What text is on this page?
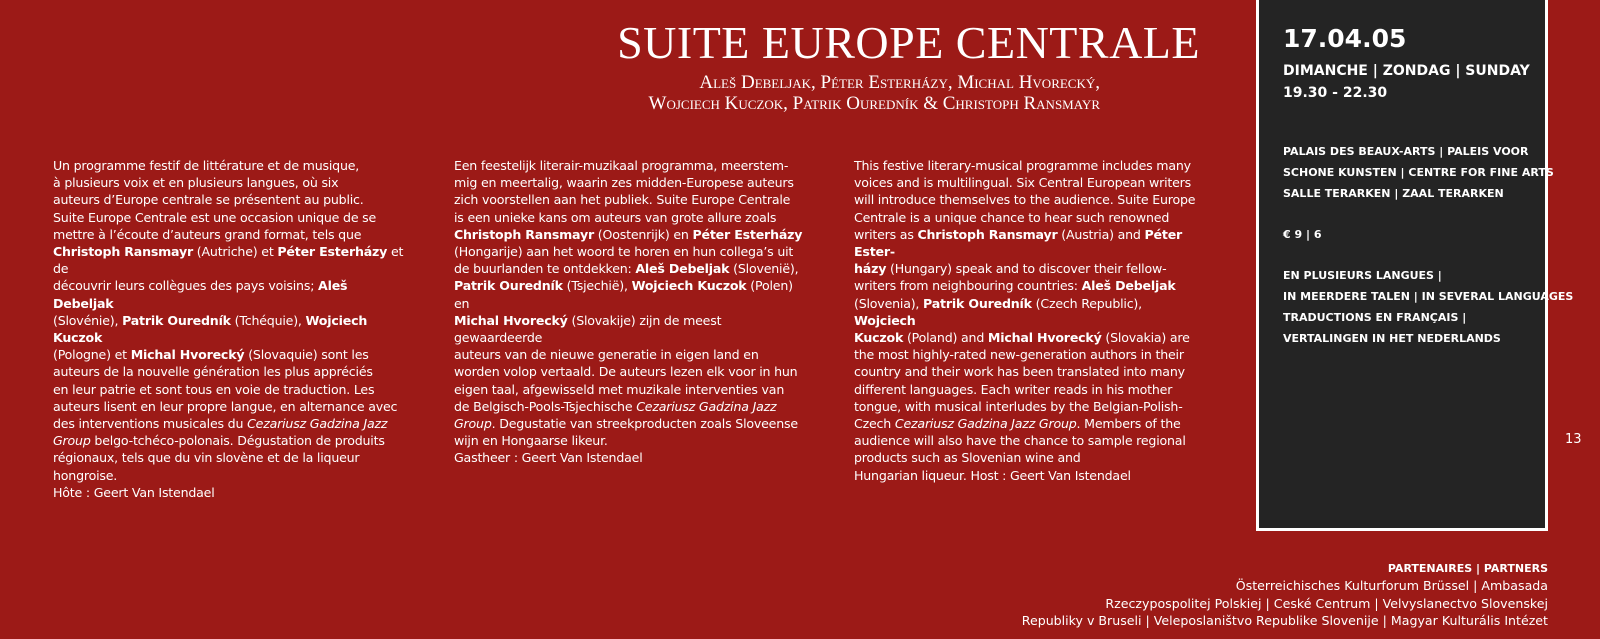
SUITE EUROPE CENTRALE
Aleš Debeljak, Péter Esterházy, Michal Hvorecký,
Wojciech Kuczok, Patrik Ouredník & Christoph Ransmayr

Un programme festif de littérature et de musique,
à plusieurs voix et en plusieurs langues, où six
auteurs d’Europe centrale se présentent au public.
Suite Europe Centrale est une occasion unique de se
mettre à l’écoute d’auteurs grand format, tels que
Christoph Ransmayr (Autriche) et Péter Esterházy et de
découvrir leurs collègues des pays voisins; Aleš Debeljak
(Slovénie), Patrik Ouredník (Tchéquie), Wojciech Kuczok
(Pologne) et Michal Hvorecký (Slovaquie) sont les
auteurs de la nouvelle génération les plus appréciés
en leur patrie et sont tous en voie de traduction. Les
auteurs lisent en leur propre langue, en alternance avec
des interventions musicales du Cezariusz Gadzina Jazz
Group belgo-tchéco-polonais. Dégustation de produits
régionaux, tels que du vin slovène et de la liqueur
hongroise.
Hôte : Geert Van Istendael

Een feestelijk literair-muzikaal programma, meerstem-
mig en meertalig, waarin zes midden-Europese auteurs
zich voorstellen aan het publiek. Suite Europe Centrale
is een unieke kans om auteurs van grote allure zoals
Christoph Ransmayr (Oostenrijk) en Péter Esterházy
(Hongarije) aan het woord te horen en hun collega’s uit
de buurlanden te ontdekken: Aleš Debeljak (Slovenië),
Patrik Ouredník (Tsjechië), Wojciech Kuczok (Polen) en
Michal Hvorecký (Slovakije) zijn de meest gewaardeerde
auteurs van de nieuwe generatie in eigen land en
worden volop vertaald. De auteurs lezen elk voor in hun
eigen taal, afgewisseld met muzikale interventies van
de Belgisch-Pools-Tsjechische Cezariusz Gadzina Jazz
Group. Degustatie van streekproducten zoals Sloveense
wijn en Hongaarse likeur.
Gastheer : Geert Van Istendael

This festive literary-musical programme includes many
voices and is multilingual. Six Central European writers
will introduce themselves to the audience. Suite Europe
Centrale is a unique chance to hear such renowned
writers as Christoph Ransmayr (Austria) and Péter Ester-
házy (Hungary) speak and to discover their fellow-
writers from neighbouring countries: Aleš Debeljak
(Slovenia), Patrik Ouredník (Czech Republic), Wojciech
Kuczok (Poland) and Michal Hvorecký (Slovakia) are
the most highly-rated new-generation authors in their
country and their work has been translated into many
different languages. Each writer reads in his mother
tongue, with musical interludes by the Belgian-Polish-
Czech Cezariusz Gadzina Jazz Group. Members of the
audience will also have the chance to sample regional
products such as Slovenian wine and
Hungarian liqueur. Host : Geert Van Istendael

17.04.05
DIMANCHE | ZONDAG | SUNDAY
19.30 - 22.30
PALAIS DES BEAUX-ARTS | PALEIS VOOR
SCHONE KUNSTEN | CENTRE FOR FINE ARTS
SALLE TERARKEN | ZAAL TERARKEN
€ 9 | 6
EN PLUSIEURS LANGUES |
IN MEERDERE TALEN | IN SEVERAL LANGUAGES
TRADUCTIONS EN FRANÇAIS |
VERTALINGEN IN HET NEDERLANDS
13
PARTENAIRES | PARTNERS
Österreichisches Kulturforum Brüssel | Ambasada
Rzeczypospolitej Polskiej | Ceské Centrum | Velvyslanectvo Slovenskej
Republiky v Bruseli | Veleposlaništvo Republike Slovenije | Magyar Kulturális Intézet
